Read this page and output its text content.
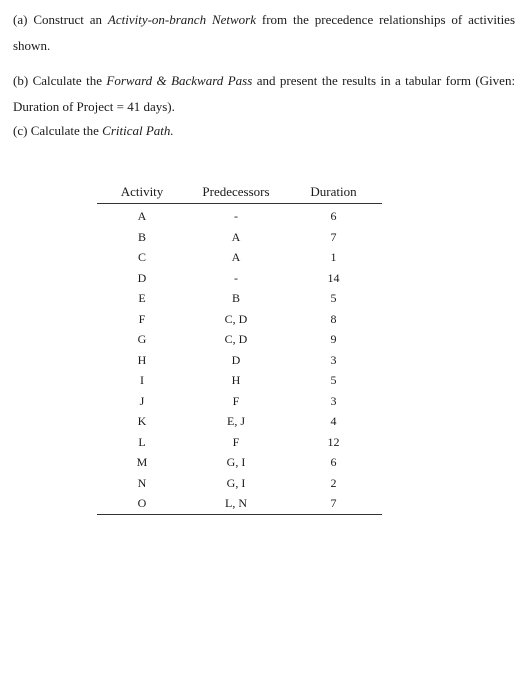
(a) Construct an Activity-on-branch Network from the precedence relationships of activities shown.

(b) Calculate the Forward & Backward Pass and present the results in a tabular form (Given: Duration of Project = 41 days).

(c) Calculate the Critical Path.

Activity	Predecessors	Duration
A	-	6
B	A	7
C	A	1
D	-	14
E	B	5
F	C, D	8
G	C, D	9
H	D	3
I	H	5
J	F	3
K	E, J	4
L	F	12
M	G, I	6
N	G, I	2
O	L, N	7
